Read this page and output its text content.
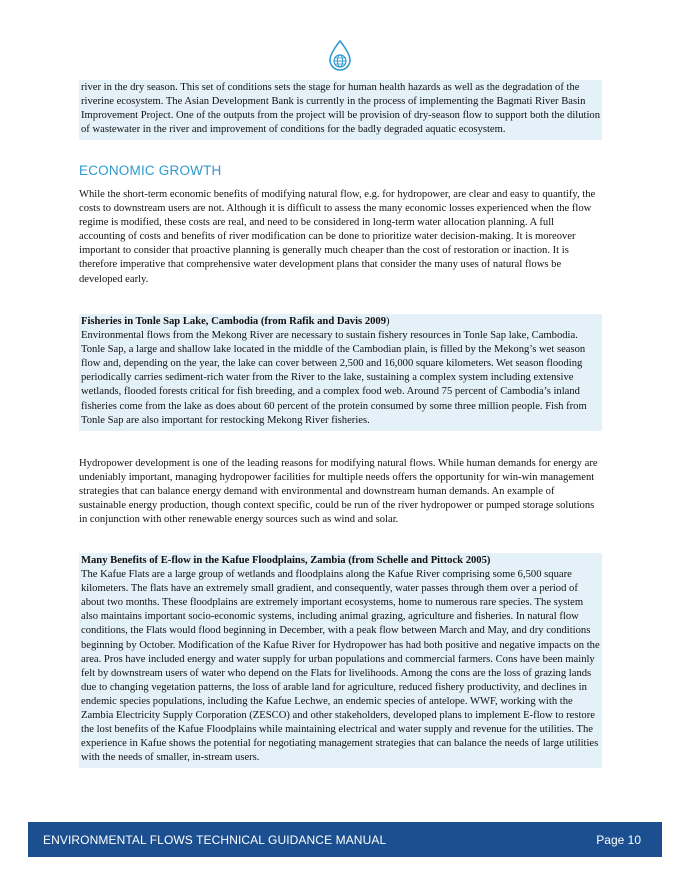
river in the dry season. This set of conditions sets the stage for human health hazards as well as the degradation of the riverine ecosystem. The Asian Development Bank is currently in the process of implementing the Bagmati River Basin Improvement Project. One of the outputs from the project will be provision of dry-season flow to support both the dilution of wastewater in the river and improvement of conditions for the badly degraded aquatic ecosystem.

ECONOMIC GROWTH

While the short-term economic benefits of modifying natural flow, e.g. for hydropower, are clear and easy to quantify, the costs to downstream users are not. Although it is difficult to assess the many economic losses experienced when the flow regime is modified, these costs are real, and need to be considered in long-term water allocation planning. A full accounting of costs and benefits of river modification can be done to prioritize water decision-making. It is moreover important to consider that proactive planning is generally much cheaper than the cost of restoration or inaction. It is therefore imperative that comprehensive water development plans that consider the many uses of natural flows be developed early.

Fisheries in Tonle Sap Lake, Cambodia (from Rafik and Davis 2009)

Environmental flows from the Mekong River are necessary to sustain fishery resources in Tonle Sap lake, Cambodia. Tonle Sap, a large and shallow lake located in the middle of the Cambodian plain, is filled by the Mekong’s wet season flow and, depending on the year, the lake can cover between 2,500 and 16,000 square kilometers. Wet season flooding periodically carries sediment-rich water from the River to the lake, sustaining a complex system including extensive wetlands, flooded forests critical for fish breeding, and a complex food web. Around 75 percent of Cambodia’s inland fisheries come from the lake as does about 60 percent of the protein consumed by some three million people. Fish from Tonle Sap are also important for restocking Mekong River fisheries.

Hydropower development is one of the leading reasons for modifying natural flows. While human demands for energy are undeniably important, managing hydropower facilities for multiple needs offers the opportunity for win-win management strategies that can balance energy demand with environmental and downstream human demands. An example of sustainable energy production, though context specific, could be run of the river hydropower or pumped storage solutions in conjunction with other renewable energy sources such as wind and solar.

Many Benefits of E-flow in the Kafue Floodplains, Zambia (from Schelle and Pittock 2005)

The Kafue Flats are a large group of wetlands and floodplains along the Kafue River comprising some 6,500 square kilometers. The flats have an extremely small gradient, and consequently, water passes through them over a period of about two months. These floodplains are extremely important ecosystems, home to numerous rare species. The system also maintains important socio-economic systems, including animal grazing, agriculture and fisheries. In natural flow conditions, the Flats would flood beginning in December, with a peak flow between March and May, and dry conditions beginning by October. Modification of the Kafue River for Hydropower has had both positive and negative impacts on the area. Pros have included energy and water supply for urban populations and commercial farmers. Cons have been mainly felt by downstream users of water who depend on the Flats for livelihoods. Among the cons are the loss of grazing lands due to changing vegetation patterns, the loss of arable land for agriculture, reduced fishery productivity, and declines in endemic species populations, including the Kafue Lechwe, an endemic species of antelope. WWF, working with the Zambia Electricity Supply Corporation (ZESCO) and other stakeholders, developed plans to implement E-flow to restore the lost benefits of the Kafue Floodplains while maintaining electrical and water supply and revenue for the utilities. The experience in Kafue shows the potential for negotiating management strategies that can balance the needs of large utilities with the needs of smaller, in-stream users.

ENVIRONMENTAL FLOWS TECHNICAL GUIDANCE MANUAL	Page 10
